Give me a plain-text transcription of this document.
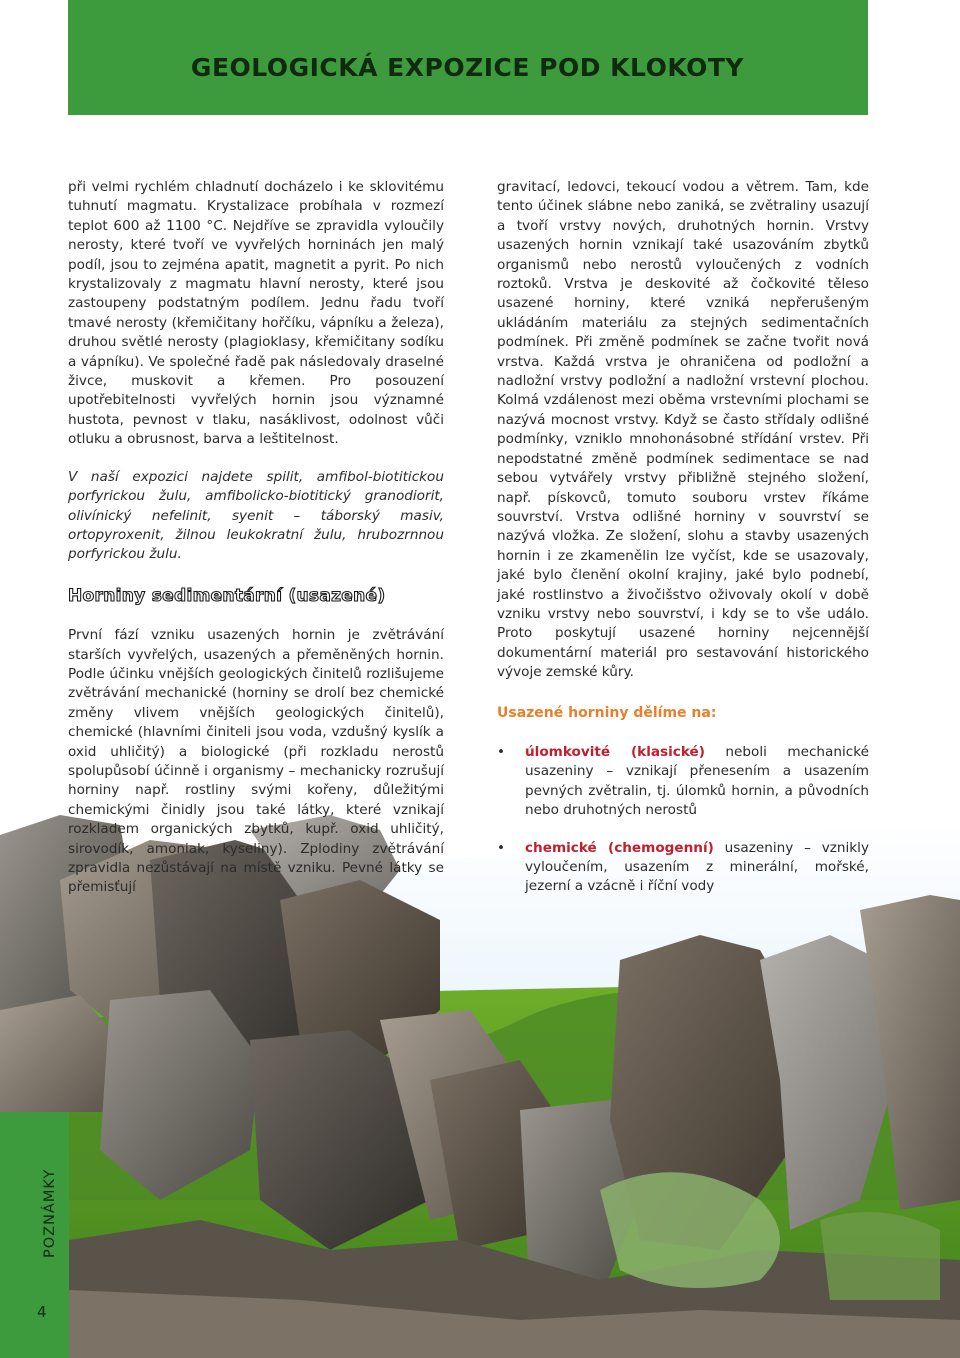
GEOLOGICKÁ EXPOZICE POD KLOKOTY

při velmi rychlém chladnutí docházelo i ke sklovitému tuhnutí magmatu. Krystalizace probíhala v rozmezí teplot 600 až 1100 °C. Nejdříve se zpravidla vyloučily nerosty, které tvoří ve vyvřelých horninách jen malý podíl, jsou to zejména apatit, magnetit a pyrit. Po nich krystalizovaly z magmatu hlavní nerosty, které jsou zastoupeny podstatným podílem. Jednu řadu tvoří tmavé nerosty (křemičitany hořčíku, vápníku a železa), druhou světlé nerosty (plagioklasy, křemičitany sodíku a vápníku). Ve společné řadě pak následovaly draselné živce, muskovit a křemen. Pro posouzení upotřebitelnosti vyvřelých hornin jsou významné hustota, pevnost v tlaku, nasáklivost, odolnost vůči otluku a obrusnost, barva a leštitelnost.

V naší expozici najdete spilit, amfibol-biotitickou porfyrickou žulu, amfibolicko-biotitický granodiorit, olivínický nefelinit, syenit – táborský masiv, ortopyroxenit, žilnou leukokratní žulu, hrubozrnnou porfyrickou žulu.

Horniny sedimentární (usazené)

První fází vzniku usazených hornin je zvětrávání starších vyvřelých, usazených a přeměněných hornin. Podle účinku vnějších geologických činitelů rozlišujeme zvětrávání mechanické (horniny se drolí bez chemické změny vlivem vnějších geologických činitelů), chemické (hlavními činiteli jsou voda, vzdušný kyslík a oxid uhličitý) a biologické (při rozkladu nerostů spolupůsobí účinně i organismy – mechanicky rozrušují horniny např. rostliny svými kořeny, důležitými chemickými činidly jsou také látky, které vznikají rozkladem organických zbytků, kupř. oxid uhličitý, sirovodík, amoniak, kyseliny). Zplodiny zvětrávání zpravidla nezůstávají na místě vzniku. Pevné látky se přemisťují

gravitací, ledovci, tekoucí vodou a větrem. Tam, kde tento účinek slábne nebo zaniká, se zvětraliny usazují a tvoří vrstvy nových, druhotných hornin. Vrstvy usazených hornin vznikají také usazováním zbytků organismů nebo nerostů vyloučených z vodních roztoků. Vrstva je deskovité až čočkovité těleso usazené horniny, které vzniká nepřerušeným ukládáním materiálu za stejných sedimentačních podmínek. Při změně podmínek se začne tvořit nová vrstva. Každá vrstva je ohraničena od podložní a nadložní vrstvy podložní a nadložní vrstevní plochou. Kolmá vzdálenost mezi oběma vrstevními plochami se nazývá mocnost vrstvy. Když se často střídaly odlišné podmínky, vzniklo mnohonásobné střídání vrstev. Při nepodstatné změně podmínek sedimentace se nad sebou vytvářely vrstvy přibližně stejného složení, např. pískovců, tomuto souboru vrstev říkáme souvrství. Vrstva odlišné horniny v souvrství se nazývá vložka. Ze složení, slohu a stavby usazených hornin i ze zkamenělin lze vyčíst, kde se usazovaly, jaké bylo členění okolní krajiny, jaké bylo podnebí, jaké rostlinstvo a živočišstvo oživovaly okolí v době vzniku vrstvy nebo souvrství, i kdy se to vše událo. Proto poskytují usazené horniny nejcennější dokumentární materiál pro sestavování historického vývoje zemské kůry.

Usazené horniny dělíme na:

• úlomkovité (klasické) neboli mechanické usazeniny – vznikají přenesením a usazením pevných zvětralin, tj. úlomků hornin, a původních nebo druhotných nerostů
• chemické (chemogenní) usazeniny – vznikly vyloučením, usazením z minerální, mořské, jezerní a vzácně i říční vody
POZNÁMKY
4
